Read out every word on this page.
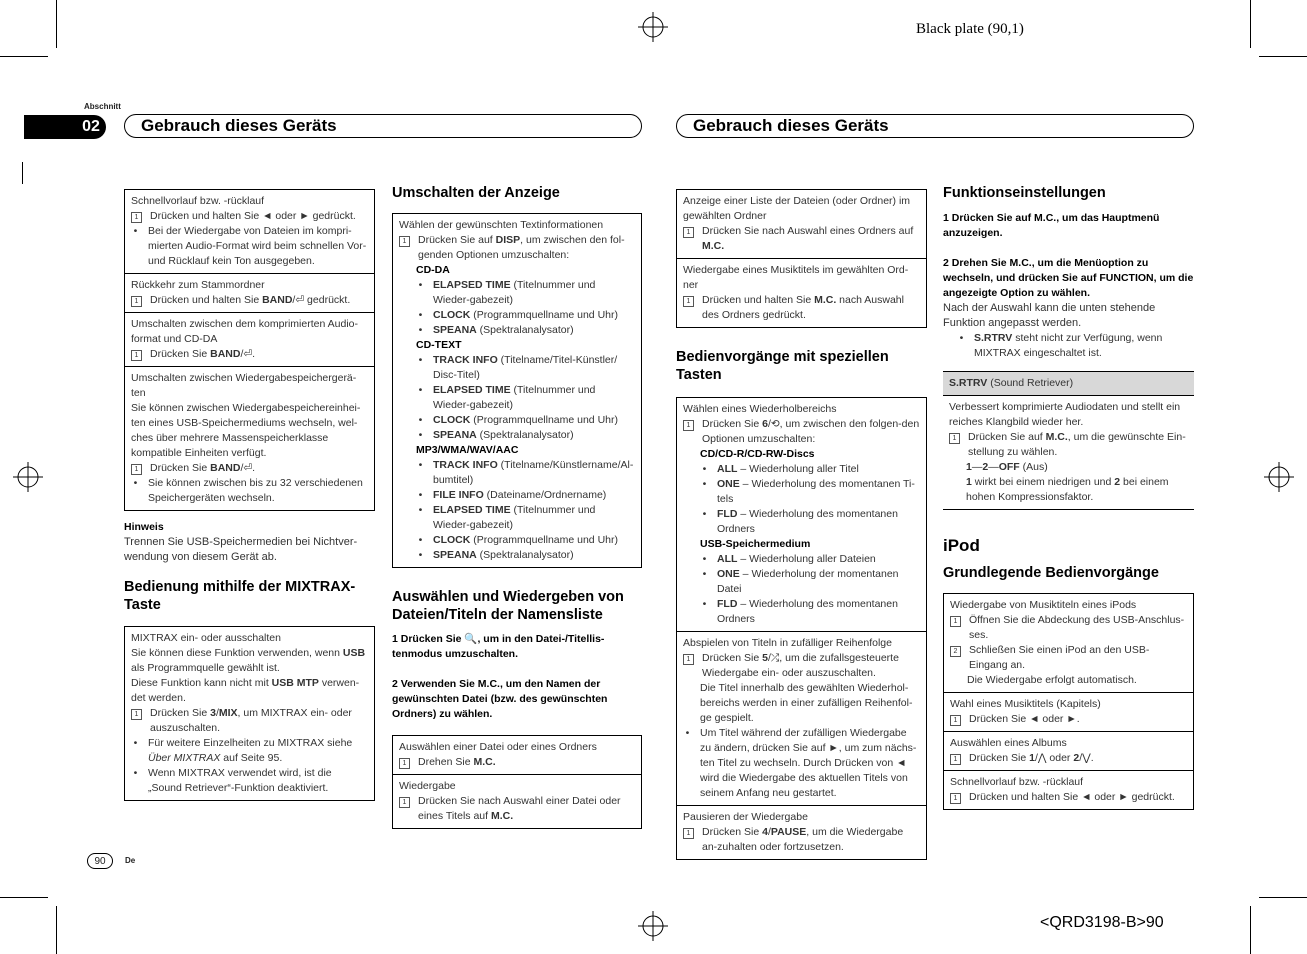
Black plate (90,1)
<QRD3198-B>90
Abschnitt
02	Gebrauch dieses Geräts	Gebrauch dieses Geräts
Schnellvorlauf bzw. -rücklauf
1	Drücken und halten Sie ◄ oder ► gedrückt.
• Bei der Wiedergabe von Dateien im kompri-mierten Audio-Format wird beim schnellen Vor- und Rücklauf kein Ton ausgegeben.
Rückkehr zum Stammordner
1	Drücken und halten Sie BAND/⏎ gedrückt.
Umschalten zwischen dem komprimierten Audio-format und CD-DA
1	Drücken Sie BAND/⏎.
Umschalten zwischen Wiedergabespeichergerä-ten
Sie können zwischen Wiedergabespeichereinhei-ten eines USB-Speichermediums wechseln, wel-ches über mehrere Massenspeicherklasse kompatible Einheiten verfügt.
1	Drücken Sie BAND/⏎.
• Sie können zwischen bis zu 32 verschiedenen Speichergeräten wechseln.
Hinweis
Trennen Sie USB-Speichermedien bei Nichtver-wendung von diesem Gerät ab.
Bedienung mithilfe der MIXTRAX-Taste
MIXTRAX ein- oder ausschalten
Sie können diese Funktion verwenden, wenn USB als Programmquelle gewählt ist.
Diese Funktion kann nicht mit USB MTP verwen-det werden.
1	Drücken Sie 3/MIX, um MIXTRAX ein- oder auszuschalten.
• Für weitere Einzelheiten zu MIXTRAX siehe Über MIXTRAX auf Seite 95.
• Wenn MIXTRAX verwendet wird, ist die „Sound Retriever“-Funktion deaktiviert.
Umschalten der Anzeige
Wählen der gewünschten Textinformationen
1	Drücken Sie auf DISP, um zwischen den fol-genden Optionen umzuschalten:
CD-DA
• ELAPSED TIME (Titelnummer und Wieder-gabezeit)
• CLOCK (Programmquellname und Uhr)
• SPEANA (Spektralanalysator)
CD-TEXT
• TRACK INFO (Titelname/Titel-Künstler/ Disc-Titel)
• ELAPSED TIME (Titelnummer und Wieder-gabezeit)
• CLOCK (Programmquellname und Uhr)
• SPEANA (Spektralanalysator)
MP3/WMA/WAV/AAC
• TRACK INFO (Titelname/Künstlername/Al-bumtitel)
• FILE INFO (Dateiname/Ordnername)
• ELAPSED TIME (Titelnummer und Wieder-gabezeit)
• CLOCK (Programmquellname und Uhr)
• SPEANA (Spektralanalysator)
Auswählen und Wiedergeben von Dateien/Titeln der Namensliste
1 Drücken Sie 🔍, um in den Datei-/Titellis-tenmodus umzuschalten.
2 Verwenden Sie M.C., um den Namen der gewünschten Datei (bzw. des gewünschten Ordners) zu wählen.
Auswählen einer Datei oder eines Ordners
1	Drehen Sie M.C.
Wiedergabe
1	Drücken Sie nach Auswahl einer Datei oder eines Titels auf M.C.
Anzeige einer Liste der Dateien (oder Ordner) im gewählten Ordner
1	Drücken Sie nach Auswahl eines Ordners auf M.C.
Wiedergabe eines Musiktitels im gewählten Ord-ner
1	Drücken und halten Sie M.C. nach Auswahl des Ordners gedrückt.
Bedienvorgänge mit speziellen Tasten
Wählen eines Wiederholbereichs
1	Drücken Sie 6/⟲, um zwischen den folgen-den Optionen umzuschalten:
CD/CD-R/CD-RW-Discs
• ALL – Wiederholung aller Titel
• ONE – Wiederholung des momentanen Ti-tels
• FLD – Wiederholung des momentanen Ordners
USB-Speichermedium
• ALL – Wiederholung aller Dateien
• ONE – Wiederholung der momentanen Datei
• FLD – Wiederholung des momentanen Ordners
Abspielen von Titeln in zufälliger Reihenfolge
1	Drücken Sie 5/⤮, um die zufallsgesteuerte Wiedergabe ein- oder auszuschalten.
Die Titel innerhalb des gewählten Wiederhol-bereichs werden in einer zufälligen Reihenfol-ge gespielt.
• Um Titel während der zufälligen Wiedergabe zu ändern, drücken Sie auf ►, um zum nächs-ten Titel zu wechseln. Durch Drücken von ◄ wird die Wiedergabe des aktuellen Titels von seinem Anfang neu gestartet.
Pausieren der Wiedergabe
1	Drücken Sie 4/PAUSE, um die Wiedergabe an-zuhalten oder fortzusetzen.
Funktionseinstellungen
1 Drücken Sie auf M.C., um das Hauptmenü anzuzeigen.
2 Drehen Sie M.C., um die Menüoption zu wechseln, und drücken Sie auf FUNCTION, um die angezeigte Option zu wählen.
Nach der Auswahl kann die unten stehende Funktion angepasst werden.
• S.RTRV steht nicht zur Verfügung, wenn MIXTRAX eingeschaltet ist.
S.RTRV (Sound Retriever)
Verbessert komprimierte Audiodaten und stellt ein reiches Klangbild wieder her.
1	Drücken Sie auf M.C., um die gewünschte Ein-stellung zu wählen.
1—2—OFF (Aus)
1 wirkt bei einem niedrigen und 2 bei einem hohen Kompressionsfaktor.
iPod
Grundlegende Bedienvorgänge
Wiedergabe von Musiktiteln eines iPods
1	Öffnen Sie die Abdeckung des USB-Anschlus-ses.
2	Schließen Sie einen iPod an den USB-Eingang an.
Die Wiedergabe erfolgt automatisch.
Wahl eines Musiktitels (Kapitels)
1	Drücken Sie ◄ oder ►.
Auswählen eines Albums
1	Drücken Sie 1/⋀ oder 2/⋁.
Schnellvorlauf bzw. -rücklauf
1	Drücken und halten Sie ◄ oder ► gedrückt.
90	De
